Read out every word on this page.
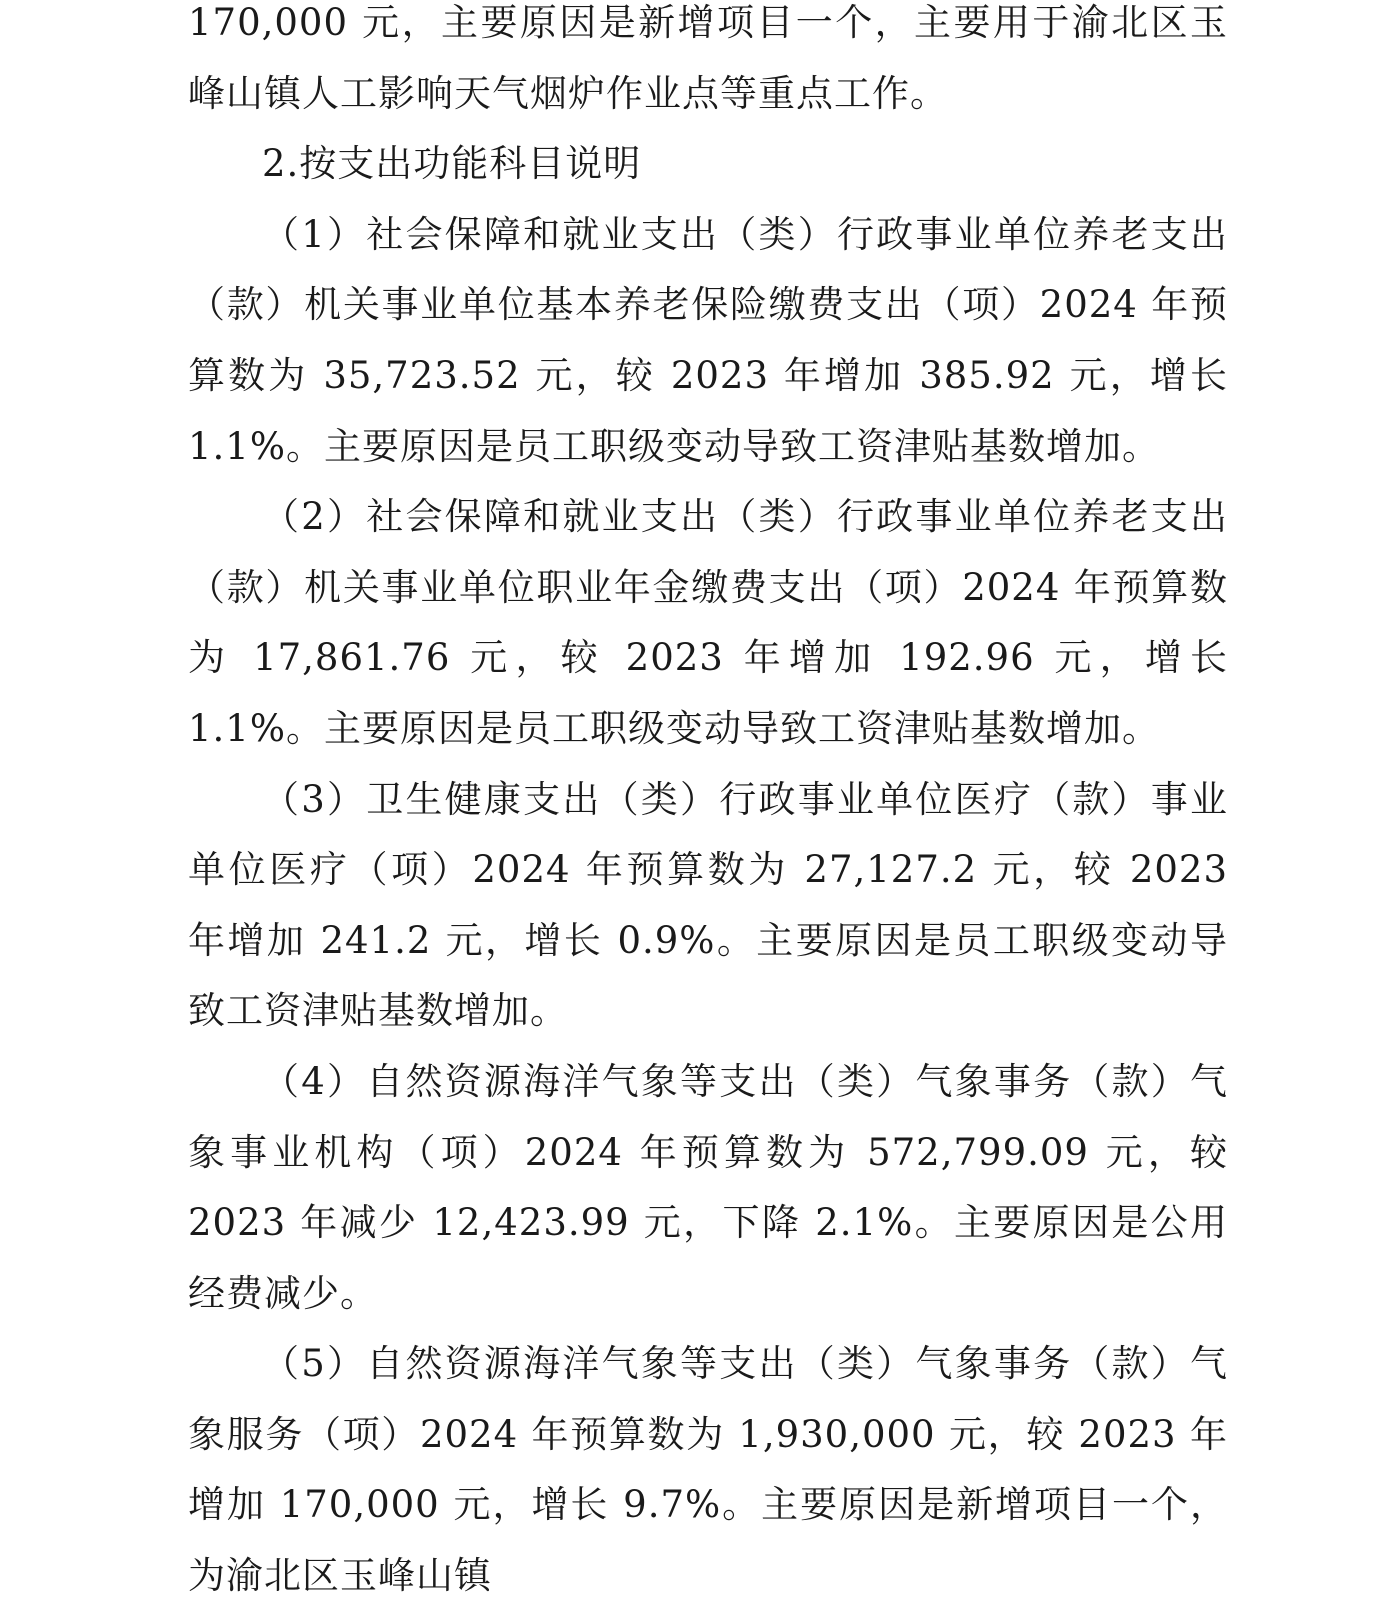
170,000 元，主要原因是新增项目一个，主要用于渝北区玉峰山镇人工影响天气烟炉作业点等重点工作。

2.按支出功能科目说明

（1）社会保障和就业支出（类）行政事业单位养老支出（款）机关事业单位基本养老保险缴费支出（项）2024 年预算数为 35,723.52 元，较 2023 年增加 385.92 元，增长 1.1%。主要原因是员工职级变动导致工资津贴基数增加。

（2）社会保障和就业支出（类）行政事业单位养老支出（款）机关事业单位职业年金缴费支出（项）2024 年预算数为 17,861.76 元，较 2023 年增加 192.96 元，增长 1.1%。主要原因是员工职级变动导致工资津贴基数增加。

（3）卫生健康支出（类）行政事业单位医疗（款）事业单位医疗（项）2024 年预算数为 27,127.2 元，较 2023 年增加 241.2 元，增长 0.9%。主要原因是员工职级变动导致工资津贴基数增加。

（4）自然资源海洋气象等支出（类）气象事务（款）气象事业机构（项）2024 年预算数为 572,799.09 元，较 2023 年减少 12,423.99 元，下降 2.1%。主要原因是公用经费减少。

（5）自然资源海洋气象等支出（类）气象事务（款）气象服务（项）2024 年预算数为 1,930,000 元，较 2023 年增加 170,000 元，增长 9.7%。主要原因是新增项目一个，为渝北区玉峰山镇
